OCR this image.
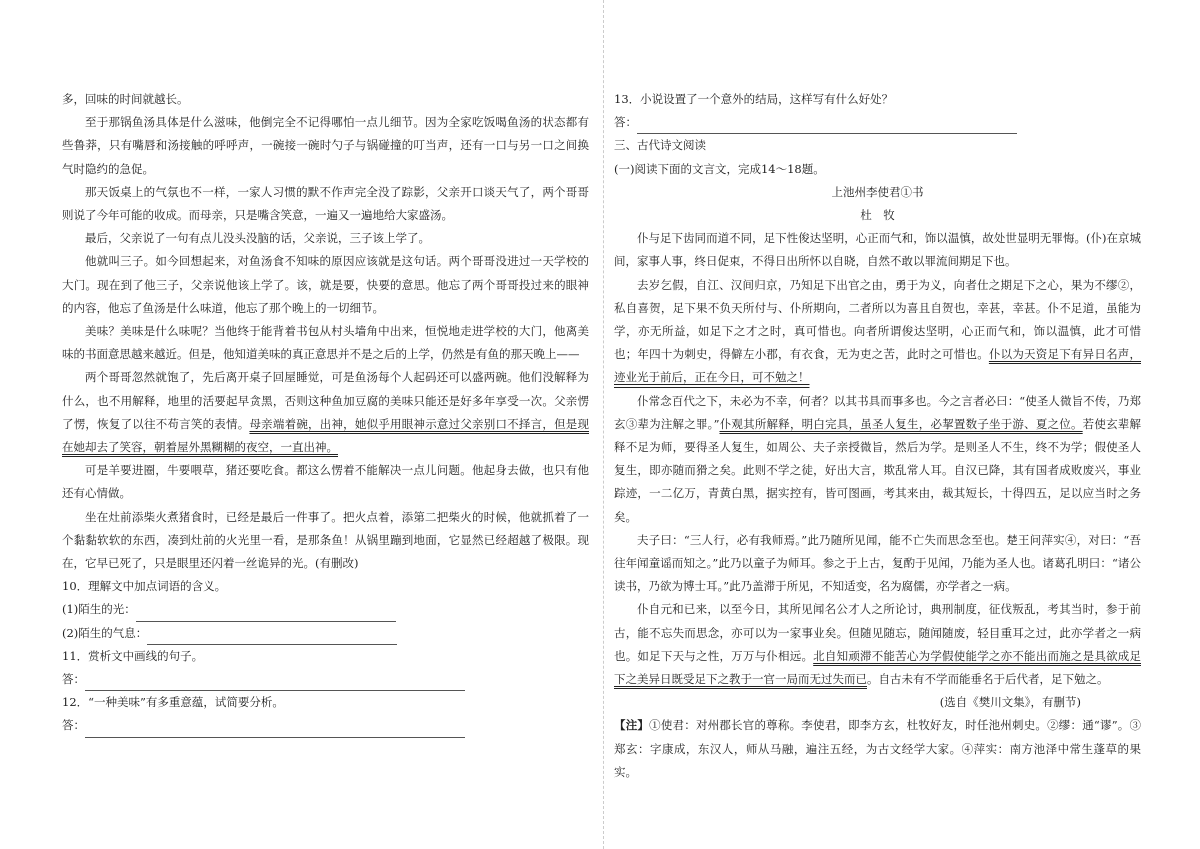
多，回味的时间就越长。

至于那锅鱼汤具体是什么滋味，他倒完全不记得哪怕一点儿细节。因为全家吃饭喝鱼汤的状态都有些鲁莽，只有嘴唇和汤接触的呼呼声，一碗接一碗时勺子与锅碰撞的叮当声，还有一口与另一口之间换气时隐约的急促。

那天饭桌上的气氛也不一样，一家人习惯的默不作声完全没了踪影，父亲开口谈天气了，两个哥哥则说了今年可能的收成。而母亲，只是嘴含笑意，一遍又一遍地给大家盛汤。

最后，父亲说了一句有点儿没头没脑的话，父亲说，三子该上学了。

他就叫三子。如今回想起来，对鱼汤食不知味的原因应该就是这句话。两个哥哥没进过一天学校的大门。现在到了他三子，父亲说他该上学了。该，就是要，快要的意思。他忘了两个哥哥投过来的眼神的内容，他忘了鱼汤是什么味道，他忘了那个晚上的一切细节。

美味？美味是什么味呢？当他终于能背着书包从村头墙角中出来，恒悦地走进学校的大门，他离美味的书面意思越来越近。但是，他知道美味的真正意思并不是之后的上学，仍然是有鱼的那天晚上——

两个哥哥忽然就饱了，先后离开桌子回屋睡觉，可是鱼汤每个人起码还可以盛两碗。他们没解释为什么，也不用解释，地里的活要起早贪黑，否则这种鱼加豆腐的美味只能还是好多年享受一次。父亲愣了愣，恢复了以往不苟言笑的表情。母亲端着碗，出神，她似乎用眼神示意过父亲别口不择言，但是现在她却去了笑容，朝着屋外黑糊糊的夜空，一直出神。

可是羊要进圈，牛要喂草，猪还要吃食。都这么愣着不能解决一点儿问题。他起身去做，也只有他还有心情做。

坐在灶前添柴火煮猪食时，已经是最后一件事了。把火点着，添第二把柴火的时候，他就抓着了一个黏黏软软的东西，凑到灶前的火光里一看，是那条鱼！从锅里蹦到地面，它显然已经超越了极限。现在，它早已死了，只是眼里还闪着一丝诡异的光。(有删改)

10．理解文中加点词语的含义。

(1)陌生的光：

(2)陌生的气息：

11．赏析文中画线的句子。

答：

12．“一种美味”有多重意蕴，试简要分析。

答：

13．小说设置了一个意外的结局，这样写有什么好处？

答：

三、古代诗文阅读

(一)阅读下面的文言文，完成14～18题。

上池州李使君①书

杜　牧

仆与足下齿同而道不同，足下性俊达坚明，心正而气和，饰以温慎，故处世显明无罪悔。(仆)在京城间，家事人事，终日促束，不得日出所怀以自晓，自然不敢以罪流间期足下也。

去岁乞假，自江、汉间归京，乃知足下出官之由，勇于为义，向者仕之期足下之心，果为不缪②，私自喜贺，足下果不负天所付与、仆所期向，二者所以为喜且自贺也，幸甚，幸甚。仆不足道，虽能为学，亦无所益，如足下之才之时，真可惜也。向者所谓俊达坚明，心正而气和，饰以温慎，此才可惜也；年四十为刺史，得僻左小郡，有衣食，无为吏之苦，此时之可惜也。仆以为天资足下有异日名声，迹业光于前后，正在今日，可不勉之！

仆常念百代之下，未必为不幸，何者？以其书具而事多也。今之言者必曰：“使圣人微旨不传，乃郑玄③辈为注解之罪。”仆观其所解释，明白完具，虽圣人复生，必挈置数子坐于游、夏之位。若使玄辈解释不足为师，要得圣人复生，如周公、夫子亲授微旨，然后为学。是则圣人不生，终不为学；假使圣人复生，即亦随而猾之矣。此则不学之徒，好出大言，欺乱常人耳。自汉已降，其有国者成败废兴，事业踪迹，一二亿万，青黄白黑，据实控有，皆可图画，考其来由，裁其短长，十得四五，足以应当时之务矣。

夫子曰：“三人行，必有我师焉。”此乃随所见闻，能不亡失而思念至也。楚王问萍实④，对曰：“吾往年闻童谣而知之。”此乃以童子为师耳。参之于上古，复酌于见闻，乃能为圣人也。诸葛孔明曰：“诸公读书，乃欲为博士耳。”此乃盖滞于所见，不知适变，名为腐儒，亦学者之一病。

仆自元和已来，以至今日，其所见闻名公才人之所论讨，典刑制度，征伐叛乱，考其当时，参于前古，能不忘失而思念，亦可以为一家事业矣。但随见随忘，随闻随废，轻目重耳之过，此亦学者之一病也。如足下天与之性，万万与仆相远。北自知顽滞不能苦心为学假使能学之亦不能出而施之是具欲成足下之美异日既受足下之教于一官一局而无过失而已。自古未有不学而能垂名于后代者，足下勉之。

(选自《樊川文集》，有删节)

【注】①使君：对州郡长官的尊称。李使君，即李方玄，杜牧好友，时任池州刺史。②缪：通“谬”。③郑玄：字康成，东汉人，师从马融，遍注五经，为古文经学大家。④萍实：南方池泽中常生蓬草的果实。
